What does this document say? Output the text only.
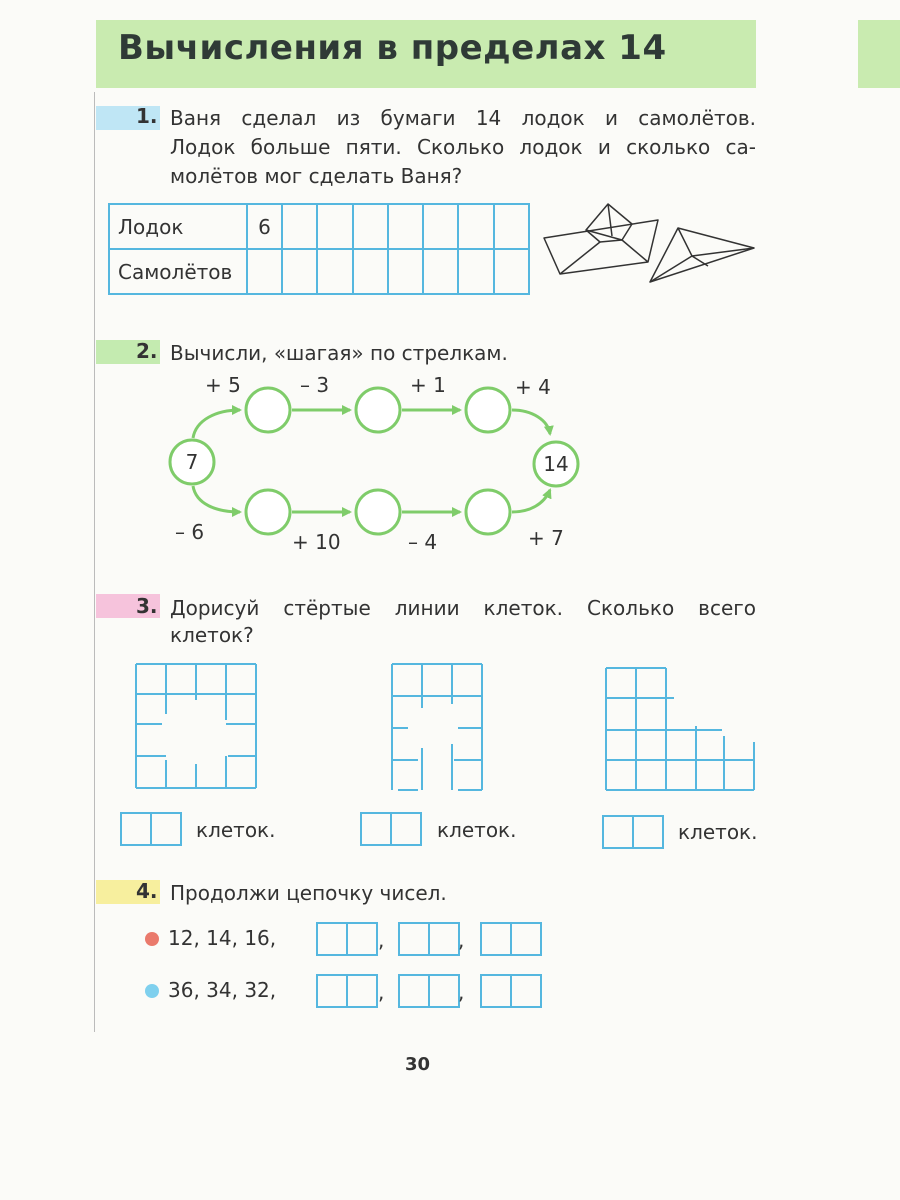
Вычисления в пределах 14
1. Ваня сделал из бумаги 14 лодок и самолётов.
Лодок больше пяти. Сколько лодок и сколько са-
молётов мог сделать Ваня?
Лодок	6							
Самолётов								
2. Вычисли, «шагая» по стрелкам.
7	14
+ 5	– 3	+ 1	+ 4
– 6	+ 10	– 4	+ 7
3. Дорисуй стёртые линии клеток. Сколько всего
клеток?
клеток.	клеток.	клеток.
4. Продолжи цепочку чисел.
12, 14, 16,	,	,
36, 34, 32,	,	,
30
